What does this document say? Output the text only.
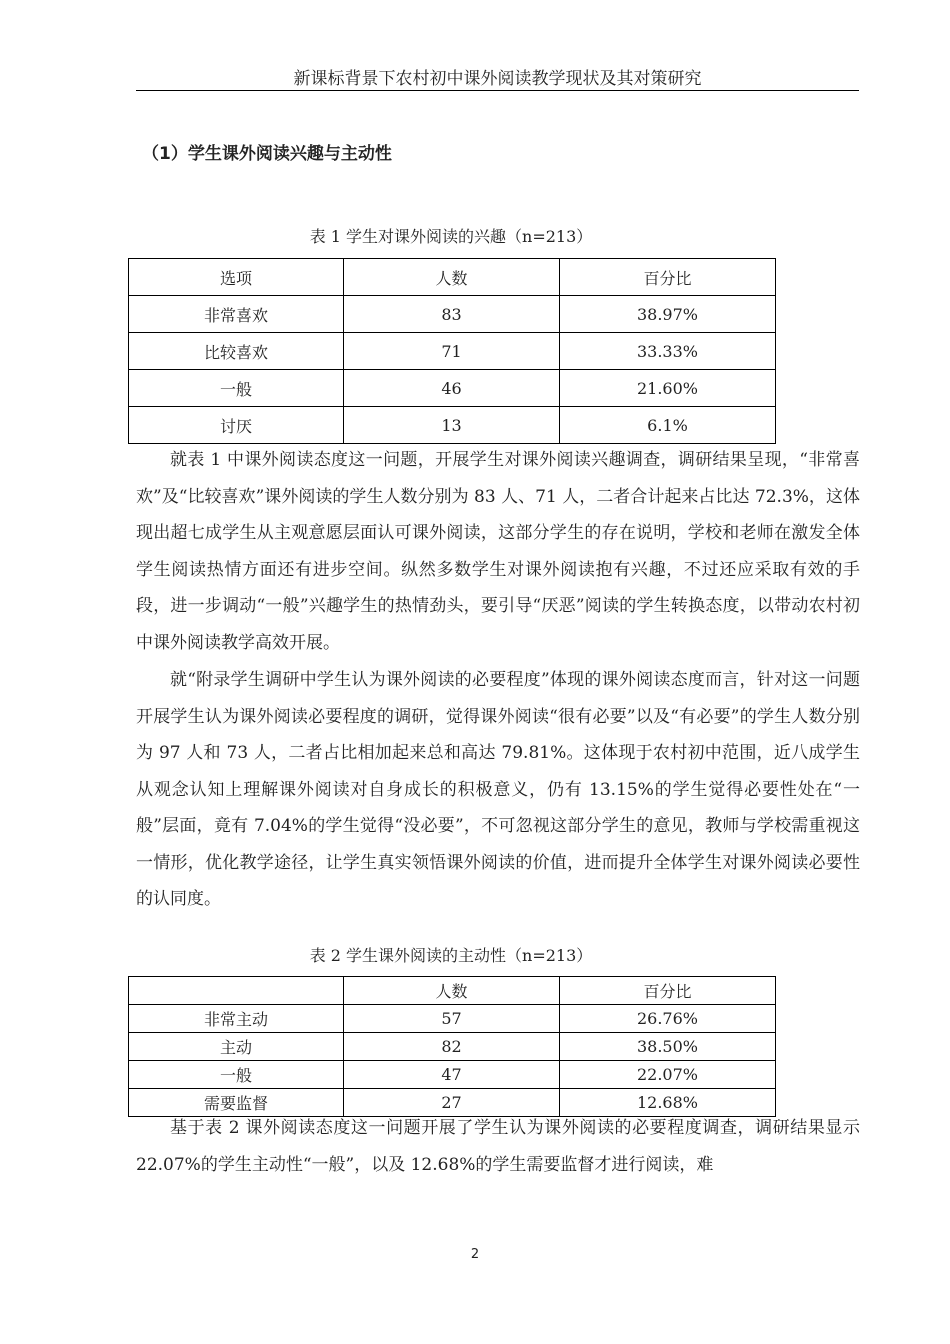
新课标背景下农村初中课外阅读教学现状及其对策研究
（1）学生课外阅读兴趣与主动性
表 1 学生对课外阅读的兴趣（n=213）
选项	人数	百分比
非常喜欢	83	38.97%
比较喜欢	71	33.33%
一般	46	21.60%
讨厌	13	6.1%

就表 1 中课外阅读态度这一问题，开展学生对课外阅读兴趣调查，调研结果呈现，“非常喜欢”及“比较喜欢”课外阅读的学生人数分别为 83 人、71 人，二者合计起来占比达 72.3%，这体现出超七成学生从主观意愿层面认可课外阅读，这部分学生的存在说明，学校和老师在激发全体学生阅读热情方面还有进步空间。纵然多数学生对课外阅读抱有兴趣，不过还应采取有效的手段，进一步调动“一般”兴趣学生的热情劲头，要引导“厌恶”阅读的学生转换态度，以带动农村初中课外阅读教学高效开展。

就“附录学生调研中学生认为课外阅读的必要程度”体现的课外阅读态度而言，针对这一问题开展学生认为课外阅读必要程度的调研，觉得课外阅读“很有必要”以及“有必要”的学生人数分别为 97 人和 73 人，二者占比相加起来总和高达 79.81%。这体现于农村初中范围，近八成学生从观念认知上理解课外阅读对自身成长的积极意义，仍有 13.15%的学生觉得必要性处在“一般”层面，竟有 7.04%的学生觉得“没必要”，不可忽视这部分学生的意见，教师与学校需重视这一情形，优化教学途径，让学生真实领悟课外阅读的价值，进而提升全体学生对课外阅读必要性的认同度。

表 2 学生课外阅读的主动性（n=213）
	人数	百分比
非常主动	57	26.76%
主动	82	38.50%
一般	47	22.07%
需要监督	27	12.68%

基于表 2 课外阅读态度这一问题开展了学生认为课外阅读的必要程度调查，调研结果显示 22.07%的学生主动性“一般”，以及 12.68%的学生需要监督才进行阅读，难

2
